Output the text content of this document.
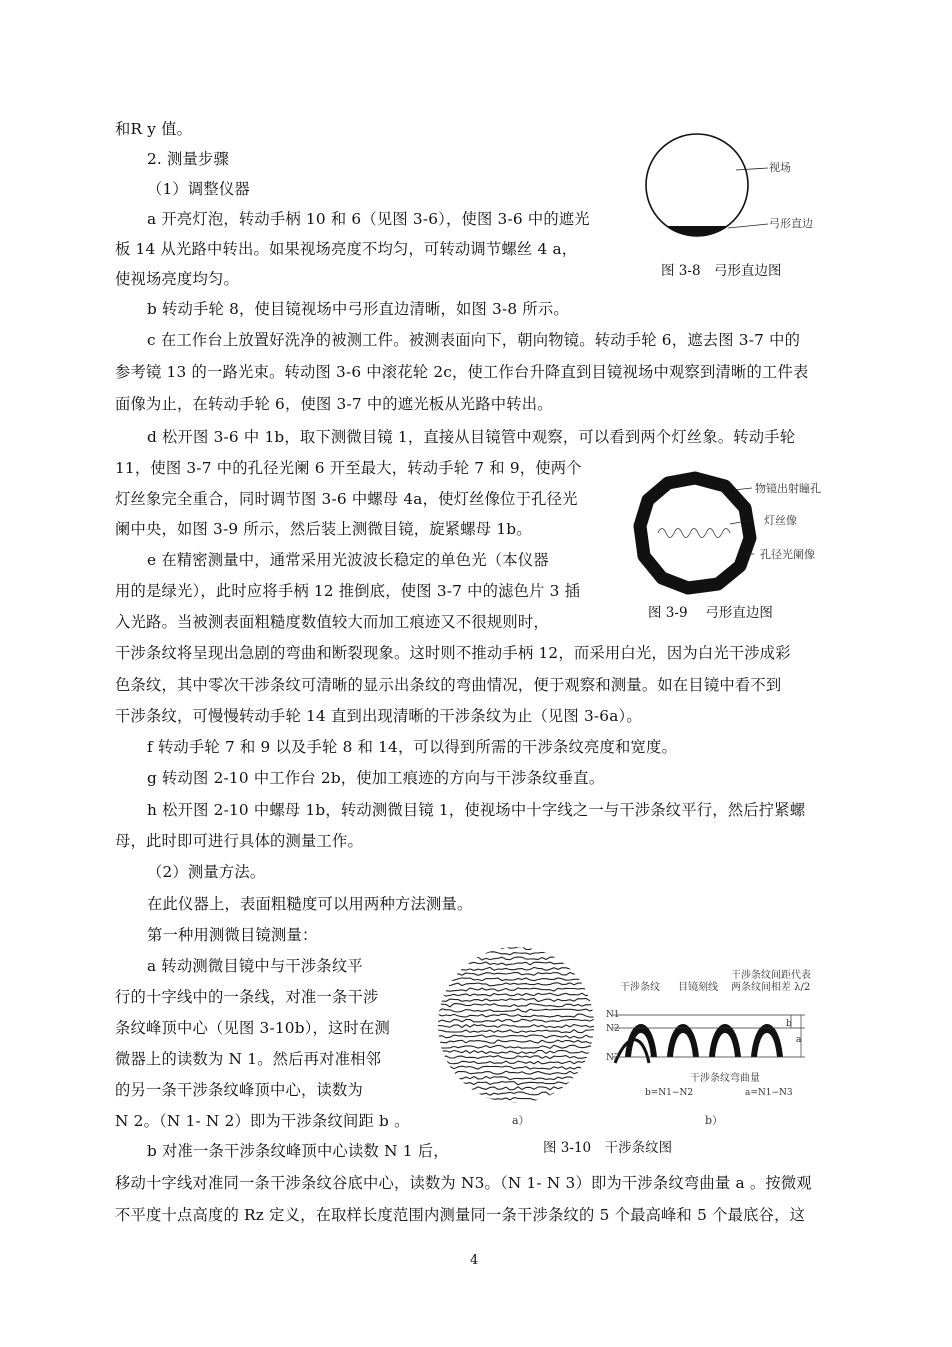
和R y 值。
2. 测量步骤
（1）调整仪器
a 开亮灯泡，转动手柄 10 和 6（见图 3-6），使图 3-6 中的遮光
板 14 从光路中转出。如果视场亮度不均匀，可转动调节螺丝 4 a，
使视场亮度均匀。
b 转动手轮 8，使目镜视场中弓形直边清晰，如图 3-8 所示。
c 在工作台上放置好洗净的被测工件。被测表面向下，朝向物镜。转动手轮 6，遮去图 3-7 中的
参考镜 13 的一路光束。转动图 3-6 中滚花轮 2c，使工作台升降直到目镜视场中观察到清晰的工件表
面像为止，在转动手轮 6，使图 3-7 中的遮光板从光路中转出。
d 松开图 3-6 中 1b，取下测微目镜 1，直接从目镜管中观察，可以看到两个灯丝象。转动手轮
11，使图 3-7 中的孔径光阑 6 开至最大，转动手轮 7 和 9，使两个
灯丝象完全重合，同时调节图 3-6 中螺母 4a，使灯丝像位于孔径光
阑中央，如图 3-9 所示，然后装上测微目镜，旋紧螺母 1b。
e 在精密测量中，通常采用光波波长稳定的单色光（本仪器
用的是绿光），此时应将手柄 12 推倒底，使图 3-7 中的滤色片 3 插
入光路。当被测表面粗糙度数值较大而加工痕迹又不很规则时，
干涉条纹将呈现出急剧的弯曲和断裂现象。这时则不推动手柄 12，而采用白光，因为白光干涉成彩
色条纹，其中零次干涉条纹可清晰的显示出条纹的弯曲情况，便于观察和测量。如在目镜中看不到
干涉条纹，可慢慢转动手轮 14 直到出现清晰的干涉条纹为止（见图 3-6a）。
f 转动手轮 7 和 9 以及手轮 8 和 14，可以得到所需的干涉条纹亮度和宽度。
g 转动图 2-10 中工作台 2b，使加工痕迹的方向与干涉条纹垂直。
h 松开图 2-10 中螺母 1b，转动测微目镜 1，使视场中十字线之一与干涉条纹平行，然后拧紧螺
母，此时即可进行具体的测量工作。
（2）测量方法。
在此仪器上，表面粗糙度可以用两种方法测量。
第一种用测微目镜测量：
a 转动测微目镜中与干涉条纹平
行的十字线中的一条线，对准一条干涉
条纹峰顶中心（见图 3-10b），这时在测
微器上的读数为 N 1。然后再对准相邻
的另一条干涉条纹峰顶中心，读数为
N 2。（N 1- N 2）即为干涉条纹间距 b 。
b 对准一条干涉条纹峰顶中心读数 N 1 后，
移动十字线对准同一条干涉条纹谷底中心，读数为 N3。（N 1- N 3）即为干涉条纹弯曲量 a 。按微观
不平度十点高度的 Rz 定义，在取样长度范围内测量同一条干涉条纹的 5 个最高峰和 5 个最底谷，这
视场
弓形直边
图 3-8　弓形直边图
物镜出射瞳孔
灯丝像
孔径光阑像
图 3-9　 弓形直边图
a）
干涉条纹间距代表
两条纹间相差 λ/2
干涉条纹 目镜刻线
N1
N2
N3
b
a
干涉条纹弯曲量
b=N1−N2	a=N1−N3
b）
图 3-10　干涉条纹图
4
